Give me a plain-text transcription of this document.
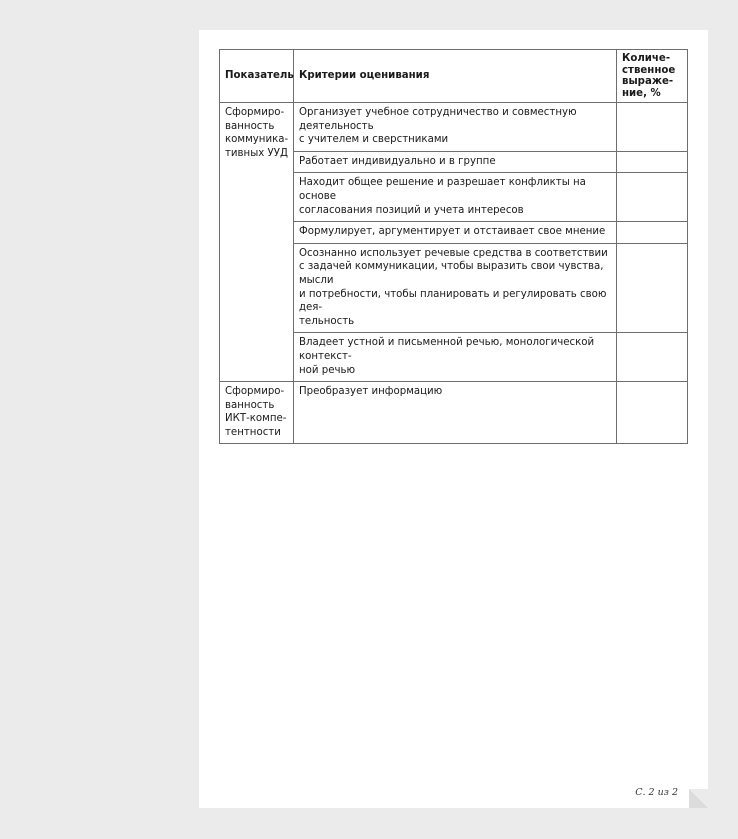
Показатель	Критерии оценивания	Количе-
ственное
выраже-
ние, %
Сформиро-
ванность
коммуника-
тивных УУД	Организует учебное сотрудничество и совместную деятельность
с учителем и сверстниками	
	Работает индивидуально и в группе	
	Находит общее решение и разрешает конфликты на основе
согласования позиций и учета интересов	
	Формулирует, аргументирует и отстаивает свое мнение	
	Осознанно использует речевые средства в соответствии
с задачей коммуникации, чтобы выразить свои чувства, мысли
и потребности, чтобы планировать и регулировать свою дея-
тельность	
	Владеет устной и письменной речью, монологической контекст-
ной речью	
Сформиро-
ванность
ИКТ-компе-
тентности	Преобразует информацию	
С. 2 из 2
